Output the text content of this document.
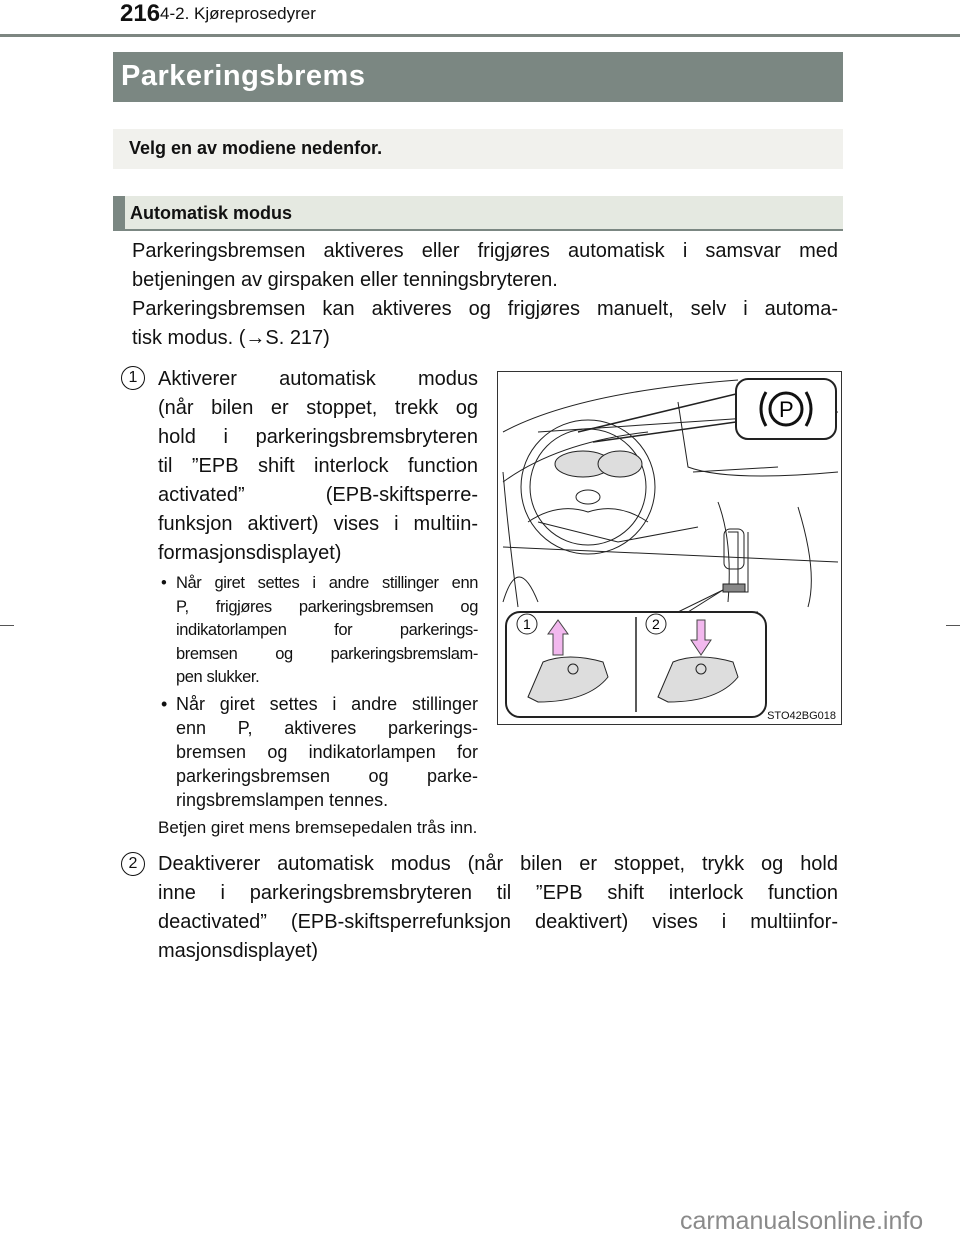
216 4-2. Kjøreprosedyrer
Parkeringsbrems
Velg en av modiene nedenfor.
Automatisk modus
Parkeringsbremsen aktiveres eller frigjøres automatisk i samsvar med
betjeningen av girspaken eller tenningsbryteren.
Parkeringsbremsen kan aktiveres og frigjøres manuelt, selv i automa-
tisk modus. (→S. 217)
1	Aktiverer automatisk modus
(når bilen er stoppet, trekk og
hold i parkeringsbremsbryteren
til ”EPB shift interlock function
activated” (EPB-skiftsperre-
funksjon aktivert) vises i multiin-
formasjonsdisplayet)
• Når giret settes i andre stillinger enn
P, frigjøres parkeringsbremsen og
indikatorlampen for parkerings-
bremsen og parkeringsbremslam-
pen slukker.
• Når giret settes i andre stillinger
enn P, aktiveres parkerings-
bremsen og indikatorlampen for
parkeringsbremsen og parke-
ringsbremslampen tennes.
Betjen giret mens bremsepedalen trås inn.
2	Deaktiverer automatisk modus (når bilen er stoppet, trykk og hold
inne i parkeringsbremsbryteren til ”EPB shift interlock function
deactivated” (EPB-skiftsperrefunksjon deaktivert) vises i multiinfor-
masjonsdisplayet)
P
1	2
STO42BG018
carmanualsonline.info
